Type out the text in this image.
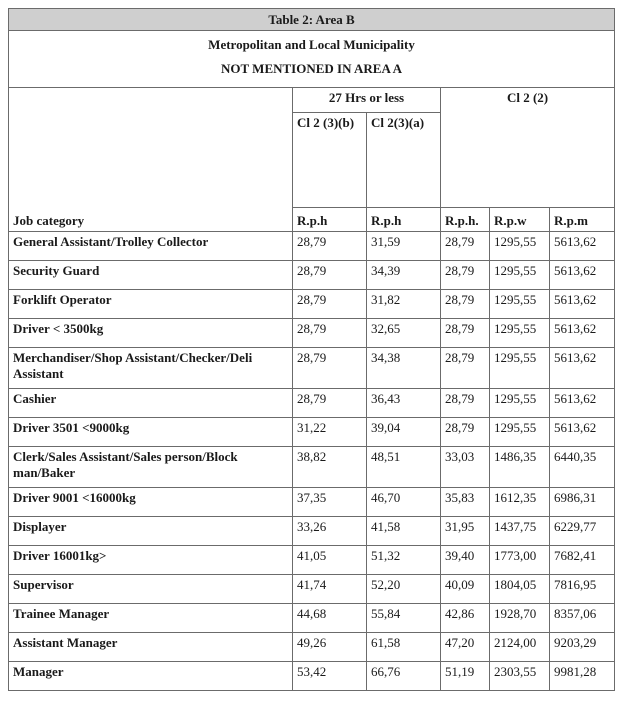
Table 2: Area B					

Metropolitan and Local Municipality
NOT MENTIONED IN AREA A					

Job category	27 Hrs or less		Cl 2 (2)		
	Cl 2 (3)(b)	Cl 2(3)(a)			
	R.p.h	R.p.h	R.p.h.	R.p.w	R.p.m
General Assistant/Trolley Collector	28,79	31,59	28,79	1295,55	5613,62
Security Guard	28,79	34,39	28,79	1295,55	5613,62
Forklift Operator	28,79	31,82	28,79	1295,55	5613,62
Driver < 3500kg	28,79	32,65	28,79	1295,55	5613,62
Merchandiser/Shop Assistant/Checker/Deli Assistant	28,79	34,38	28,79	1295,55	5613,62
Cashier	28,79	36,43	28,79	1295,55	5613,62
Driver 3501 <9000kg	31,22	39,04	28,79	1295,55	5613,62
Clerk/Sales Assistant/Sales person/Block man/Baker	38,82	48,51	33,03	1486,35	6440,35
Driver 9001 <16000kg	37,35	46,70	35,83	1612,35	6986,31
Displayer	33,26	41,58	31,95	1437,75	6229,77
Driver 16001kg>	41,05	51,32	39,40	1773,00	7682,41
Supervisor	41,74	52,20	40,09	1804,05	7816,95
Trainee Manager	44,68	55,84	42,86	1928,70	8357,06
Assistant Manager	49,26	61,58	47,20	2124,00	9203,29
Manager	53,42	66,76	51,19	2303,55	9981,28
